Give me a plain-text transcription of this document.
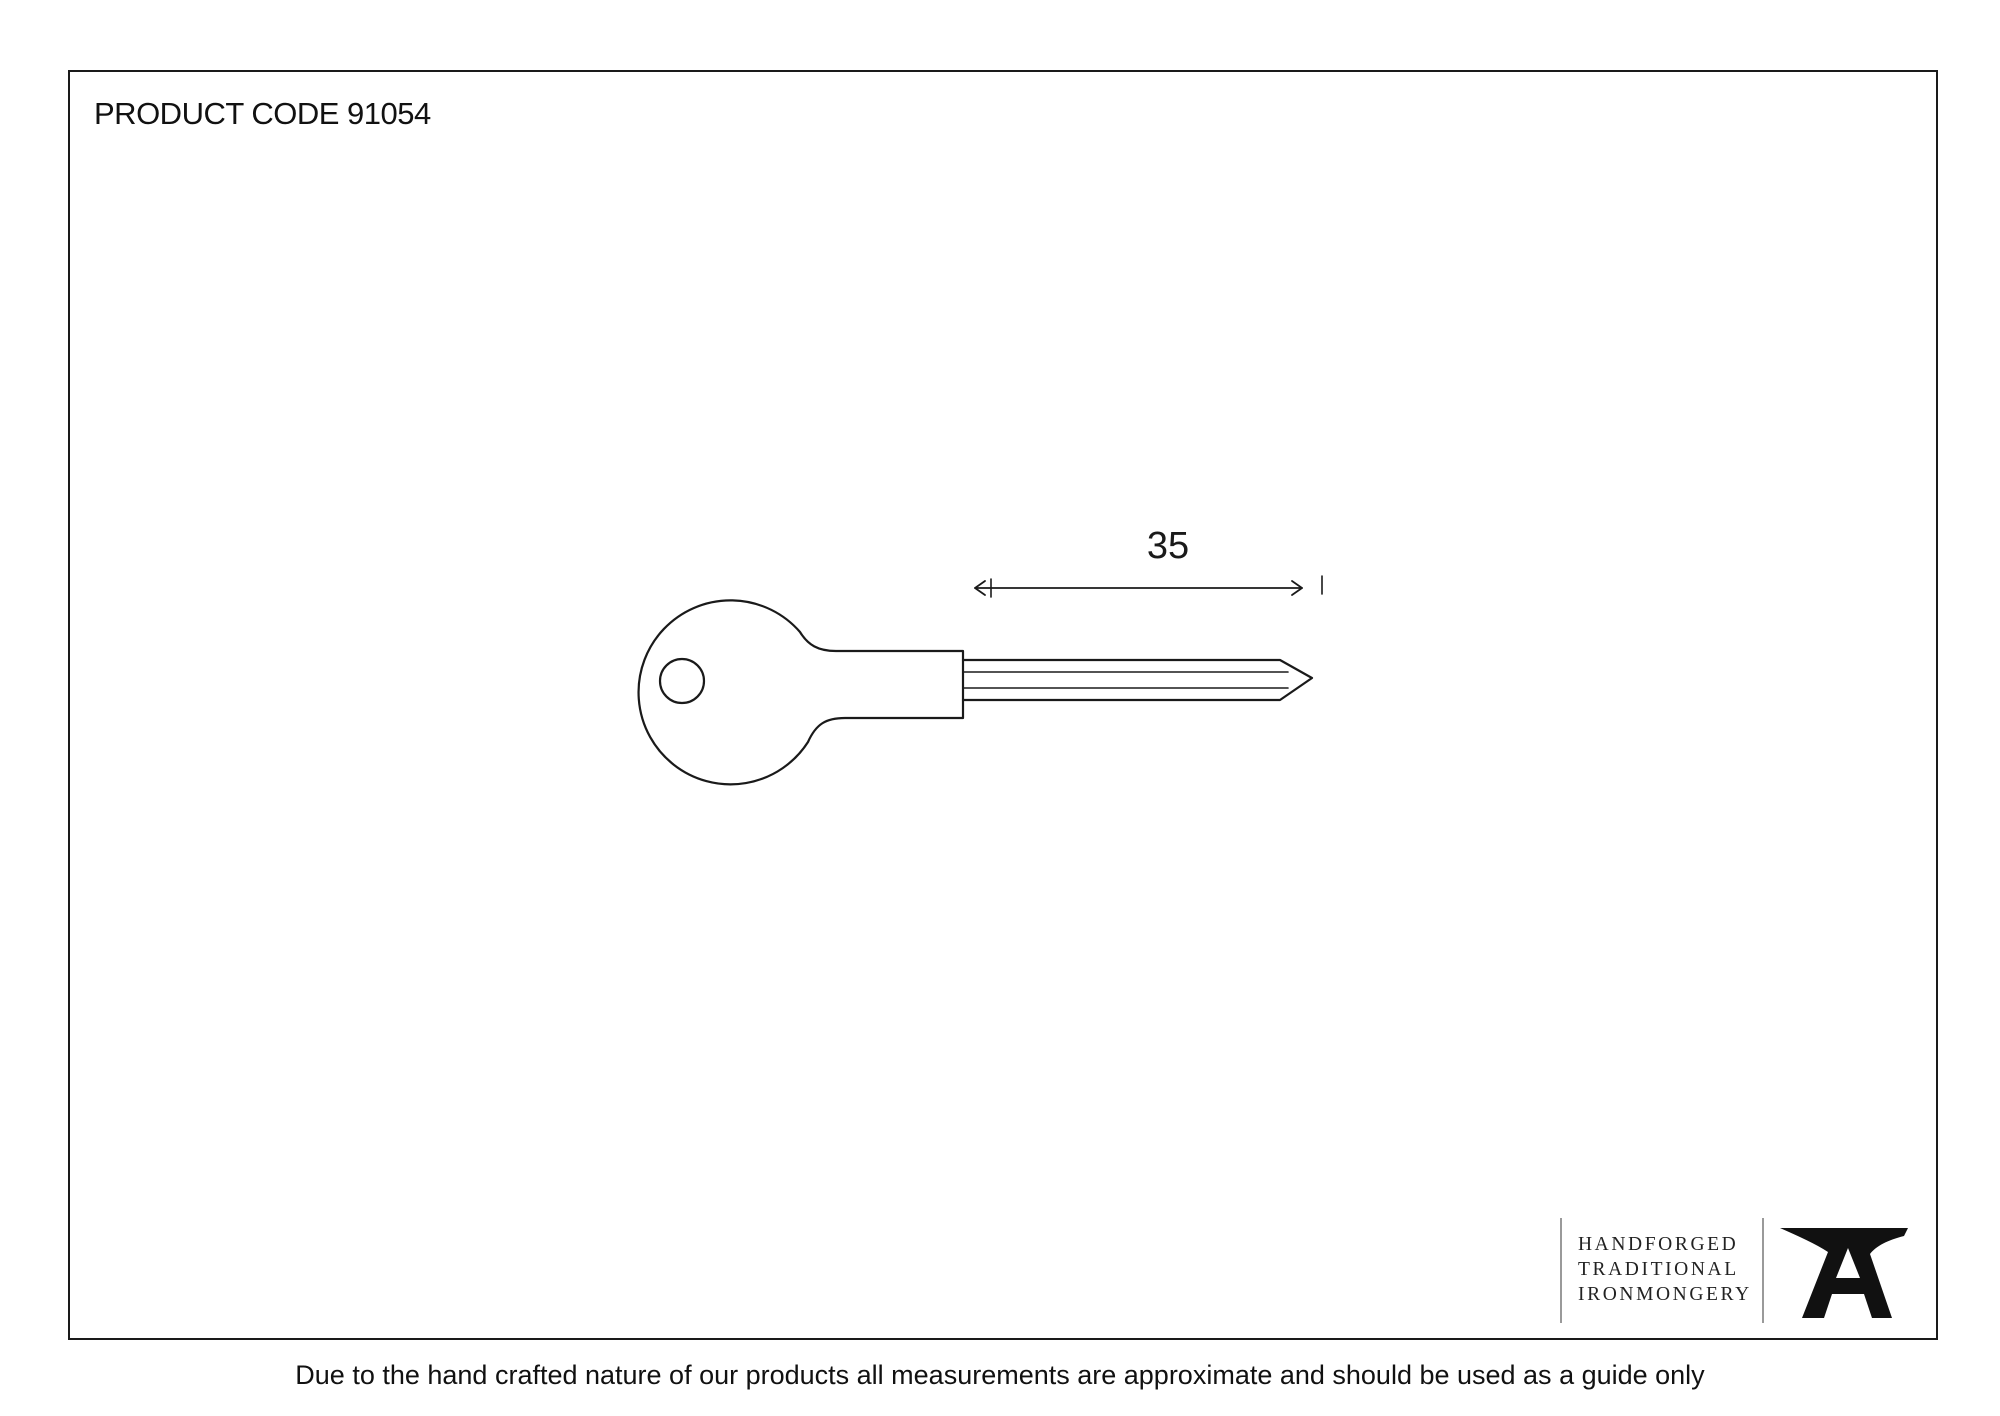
PRODUCT CODE 91054
35
HANDFORGED
TRADITIONAL
IRONMONGERY
Due to the hand crafted nature of our products all measurements are approximate and should be used as a guide only
